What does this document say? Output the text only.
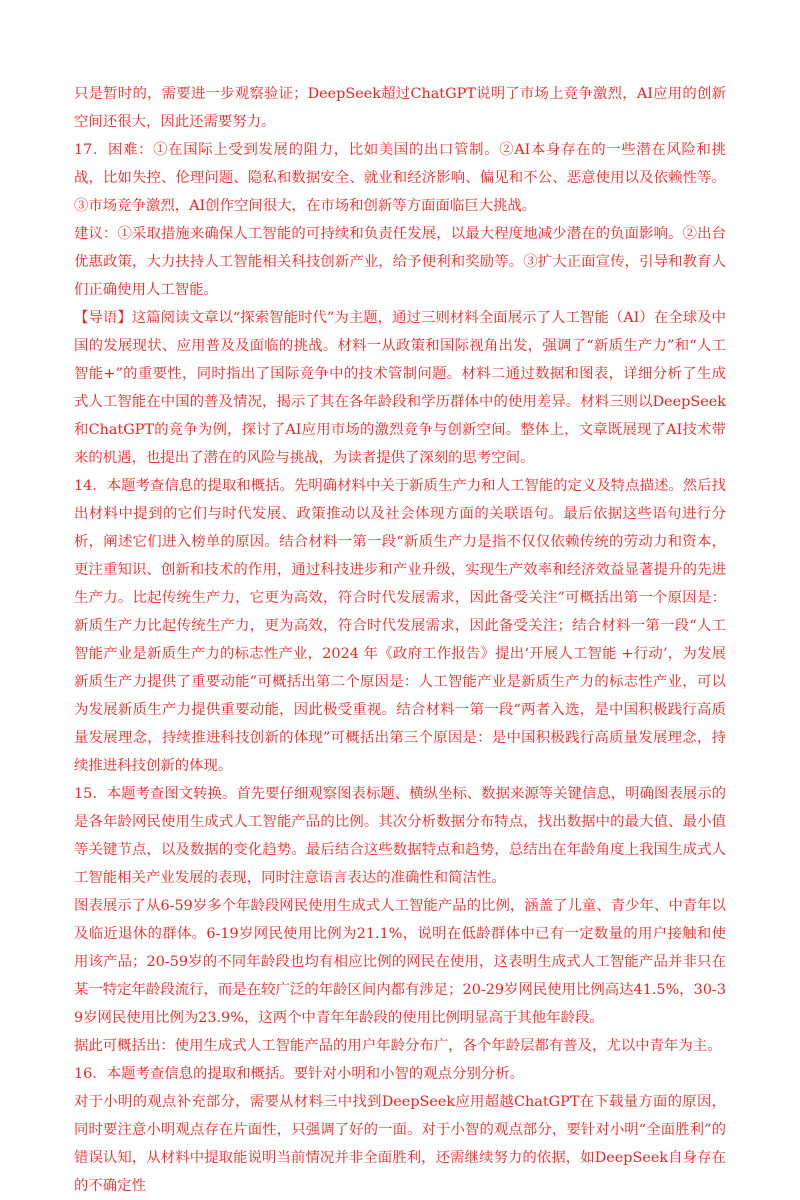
只是暂时的，需要进一步观察验证；DeepSeek超过ChatGPT说明了市场上竞争激烈，AI应用的创新空间还很大，因此还需要努力。

17．困难：①在国际上受到发展的阻力，比如美国的出口管制。②AI本身存在的一些潜在风险和挑战，比如失控、伦理问题、隐私和数据安全、就业和经济影响、偏见和不公、恶意使用以及依赖性等。③市场竞争激烈，AI创作空间很大，在市场和创新等方面面临巨大挑战。

建议：①采取措施来确保人工智能的可持续和负责任发展，以最大程度地减少潜在的负面影响。②出台优惠政策，大力扶持人工智能相关科技创新产业，给予便利和奖励等。③扩大正面宣传，引导和教育人们正确使用人工智能。

【导语】这篇阅读文章以“探索智能时代”为主题，通过三则材料全面展示了人工智能（AI）在全球及中国的发展现状、应用普及及面临的挑战。材料一从政策和国际视角出发，强调了“新质生产力”和“人工智能+”的重要性，同时指出了国际竞争中的技术管制问题。材料二通过数据和图表，详细分析了生成式人工智能在中国的普及情况，揭示了其在各年龄段和学历群体中的使用差异。材料三则以DeepSeek和ChatGPT的竞争为例，探讨了AI应用市场的激烈竞争与创新空间。整体上，文章既展现了AI技术带来的机遇，也提出了潜在的风险与挑战，为读者提供了深刻的思考空间。

14．本题考查信息的提取和概括。先明确材料中关于新质生产力和人工智能的定义及特点描述。然后找出材料中提到的它们与时代发展、政策推动以及社会体现方面的关联语句。最后依据这些语句进行分析，阐述它们进入榜单的原因。结合材料一第一段“新质生产力是指不仅仅依赖传统的劳动力和资本，更注重知识、创新和技术的作用，通过科技进步和产业升级，实现生产效率和经济效益显著提升的先进生产力。比起传统生产力，它更为高效，符合时代发展需求，因此备受关注”可概括出第一个原因是：新质生产力比起传统生产力，更为高效，符合时代发展需求，因此备受关注；结合材料一第一段“人工智能产业是新质生产力的标志性产业，2024 年《政府工作报告》提出‘开展人工智能 +行动’，为发展新质生产力提供了重要动能”可概括出第二个原因是：人工智能产业是新质生产力的标志性产业，可以为发展新质生产力提供重要动能，因此极受重视。结合材料一第一段“两者入选，是中国积极践行高质量发展理念，持续推进科技创新的体现”可概括出第三个原因是：是中国积极践行高质量发展理念，持续推进科技创新的体现。

15．本题考查图文转换。首先要仔细观察图表标题、横纵坐标、数据来源等关键信息，明确图表展示的是各年龄网民使用生成式人工智能产品的比例。其次分析数据分布特点，找出数据中的最大值、最小值等关键节点，以及数据的变化趋势。最后结合这些数据特点和趋势，总结出在年龄角度上我国生成式人工智能相关产业发展的表现，同时注意语言表达的准确性和简洁性。

图表展示了从6-59岁多个年龄段网民使用生成式人工智能产品的比例，涵盖了儿童、青少年、中青年以及临近退休的群体。6-19岁网民使用比例为21.1%，说明在低龄群体中已有一定数量的用户接触和使用该产品；20-59岁的不同年龄段也均有相应比例的网民在使用，这表明生成式人工智能产品并非只在某一特定年龄段流行，而是在较广泛的年龄区间内都有涉足；20-29岁网民使用比例高达41.5%，30-39岁网民使用比例为23.9%，这两个中青年年龄段的使用比例明显高于其他年龄段。

据此可概括出：使用生成式人工智能产品的用户年龄分布广，各个年龄层都有普及，尤以中青年为主。

16．本题考查信息的提取和概括。要针对小明和小智的观点分别分析。

对于小明的观点补充部分，需要从材料三中找到DeepSeek应用超越ChatGPT在下载量方面的原因，同时要注意小明观点存在片面性，只强调了好的一面。对于小智的观点部分，要针对小明“全面胜利”的错误认知，从材料中提取能说明当前情况并非全面胜利，还需继续努力的依据，如DeepSeek自身存在的不确定性
